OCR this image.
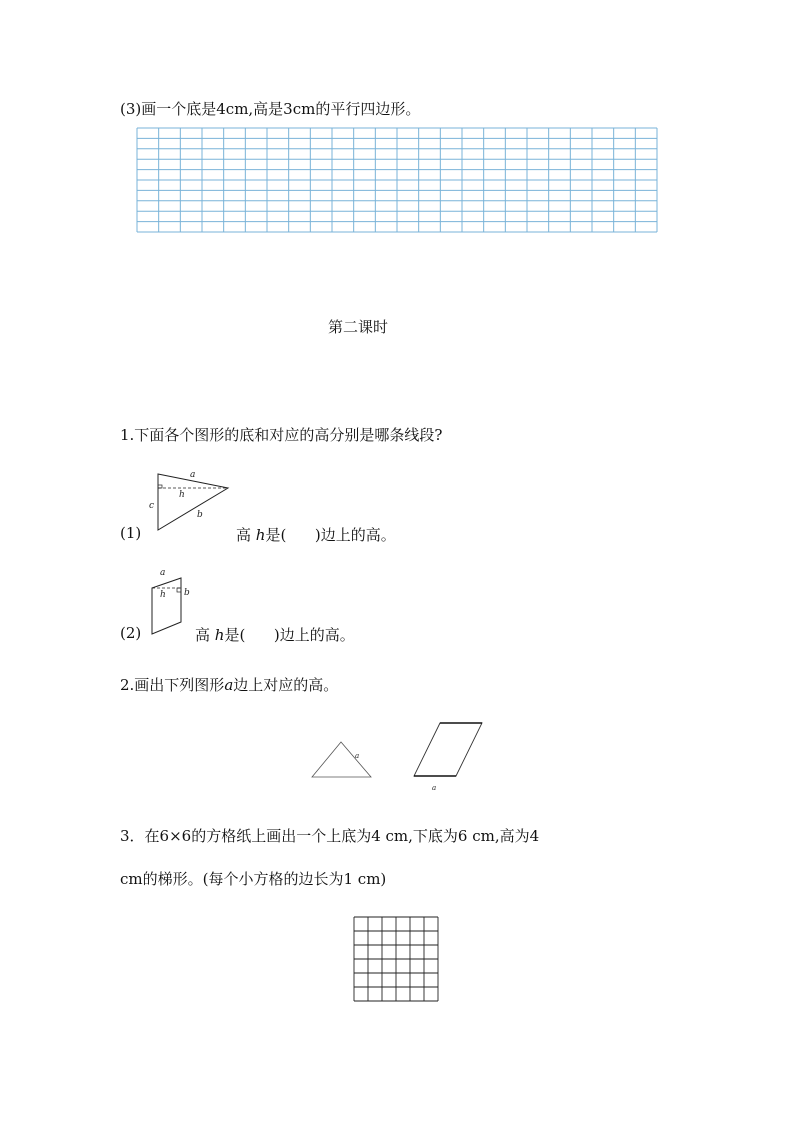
(3)画一个底是4cm,高是3cm的平行四边形。
第二课时
1.下面各个图形的底和对应的高分别是哪条线段?
a
h
c
b
(1)	高 h是(      )边上的高。
a
h b
(2)	高 h是(      )边上的高。
2.画出下列图形a边上对应的高。
a
a
3．在6×6的方格纸上画出一个上底为4 cm,下底为6 cm,高为4
cm的梯形。(每个小方格的边长为1 cm)
